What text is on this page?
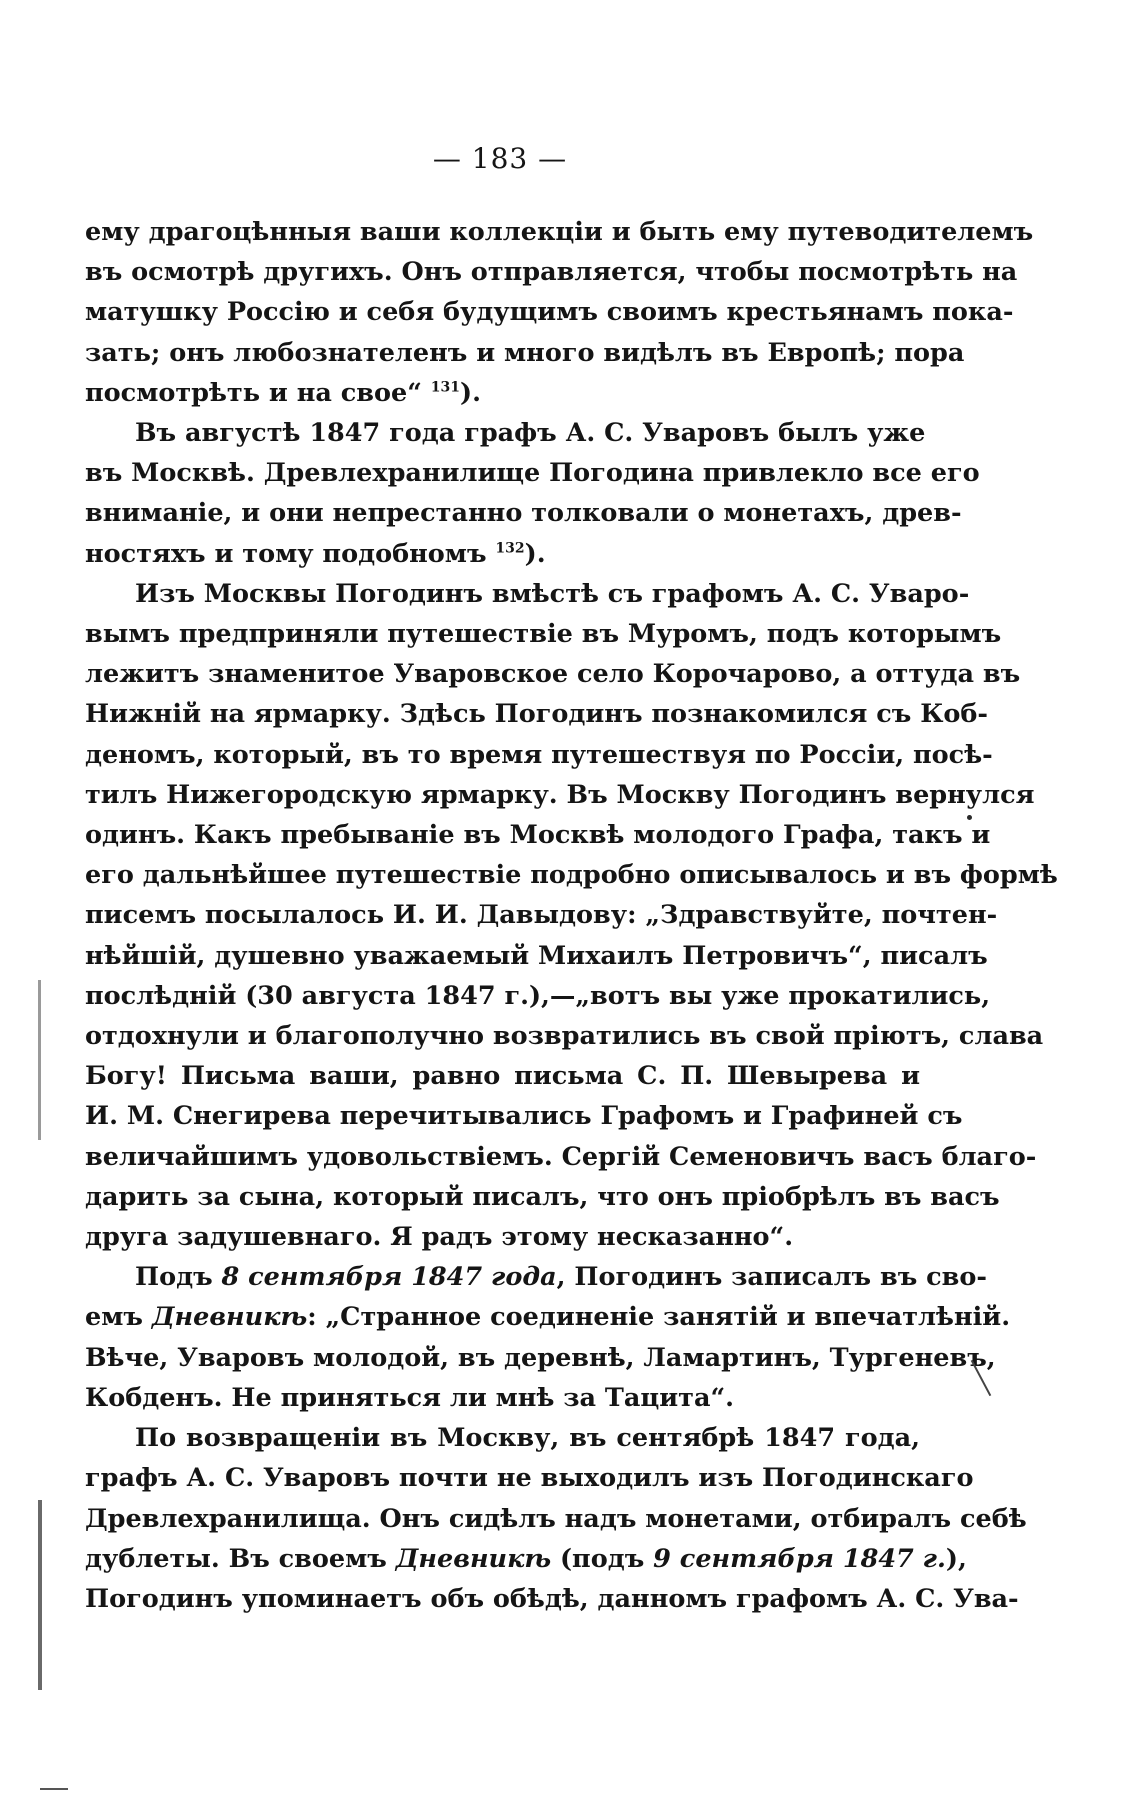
— 183 —

ему драгоцѣнныя ваши коллекціи и быть ему путеводителемъ
въ осмотрѣ другихъ. Онъ отправляется, чтобы посмотрѣть на
матушку Россію и себя будущимъ своимъ крестьянамъ пока-
зать; онъ любознателенъ и много видѣлъ въ Европѣ; пора
посмотрѣть и на свое“ $^{131}$).

Въ августѣ 1847 года графъ А. С. Уваровъ былъ уже
въ Москвѣ. Древлехранилище Погодина привлекло все его
вниманіе, и они непрестанно толковали о монетахъ, древ-
ностяхъ и тому подобномъ $^{132}$).

Изъ Москвы Погодинъ вмѣстѣ съ графомъ А. С. Уваро-
вымъ предприняли путешествіе въ Муромъ, подъ которымъ
лежитъ знаменитое Уваровское село Корочарово, а оттуда въ
Нижній на ярмарку. Здѣсь Погодинъ познакомился съ Коб-
деномъ, который, въ то время путешествуя по Россіи, посѣ-
тилъ Нижегородскую ярмарку. Въ Москву Погодинъ вернулся
одинъ. Какъ пребываніе въ Москвѣ молодого Графа, такъ и
его дальнѣйшее путешествіе подробно описывалось и въ формѣ
писемъ посылалось И. И. Давыдову: „Здравствуйте, почтен-
нѣйшій, душевно уважаемый Михаилъ Петровичъ“, писалъ
послѣдній (30 августа 1847 г.),—„вотъ вы уже прокатились,
отдохнули и благополучно возвратились въ свой пріютъ, слава
Богу! Письма ваши, равно письма С. П. Шевырева и
И. М. Снегирева перечитывались Графомъ и Графиней съ
величайшимъ удовольствіемъ. Сергій Семеновичъ васъ благо-
дарить за сына, который писалъ, что онъ пріобрѣлъ въ васъ
друга задушевнаго. Я радъ этому несказанно“.

Подъ 8 сентября 1847 года, Погодинъ записалъ въ сво-
емъ Дневникѣ: „Странное соединеніе занятій и впечатлѣній.
Вѣче, Уваровъ молодой, въ деревнѣ, Ламартинъ, Тургеневъ,
Кобденъ. Не приняться ли мнѣ за Тацита“.

По возвращеніи въ Москву, въ сентябрѣ 1847 года,
графъ А. С. Уваровъ почти не выходилъ изъ Погодинскаго
Древлехранилища. Онъ сидѣлъ надъ монетами, отбиралъ себѣ
дублеты. Въ своемъ Дневникѣ (подъ 9 сентября 1847 г.),
Погодинъ упоминаетъ объ обѣдѣ, данномъ графомъ А. С. Ува-
